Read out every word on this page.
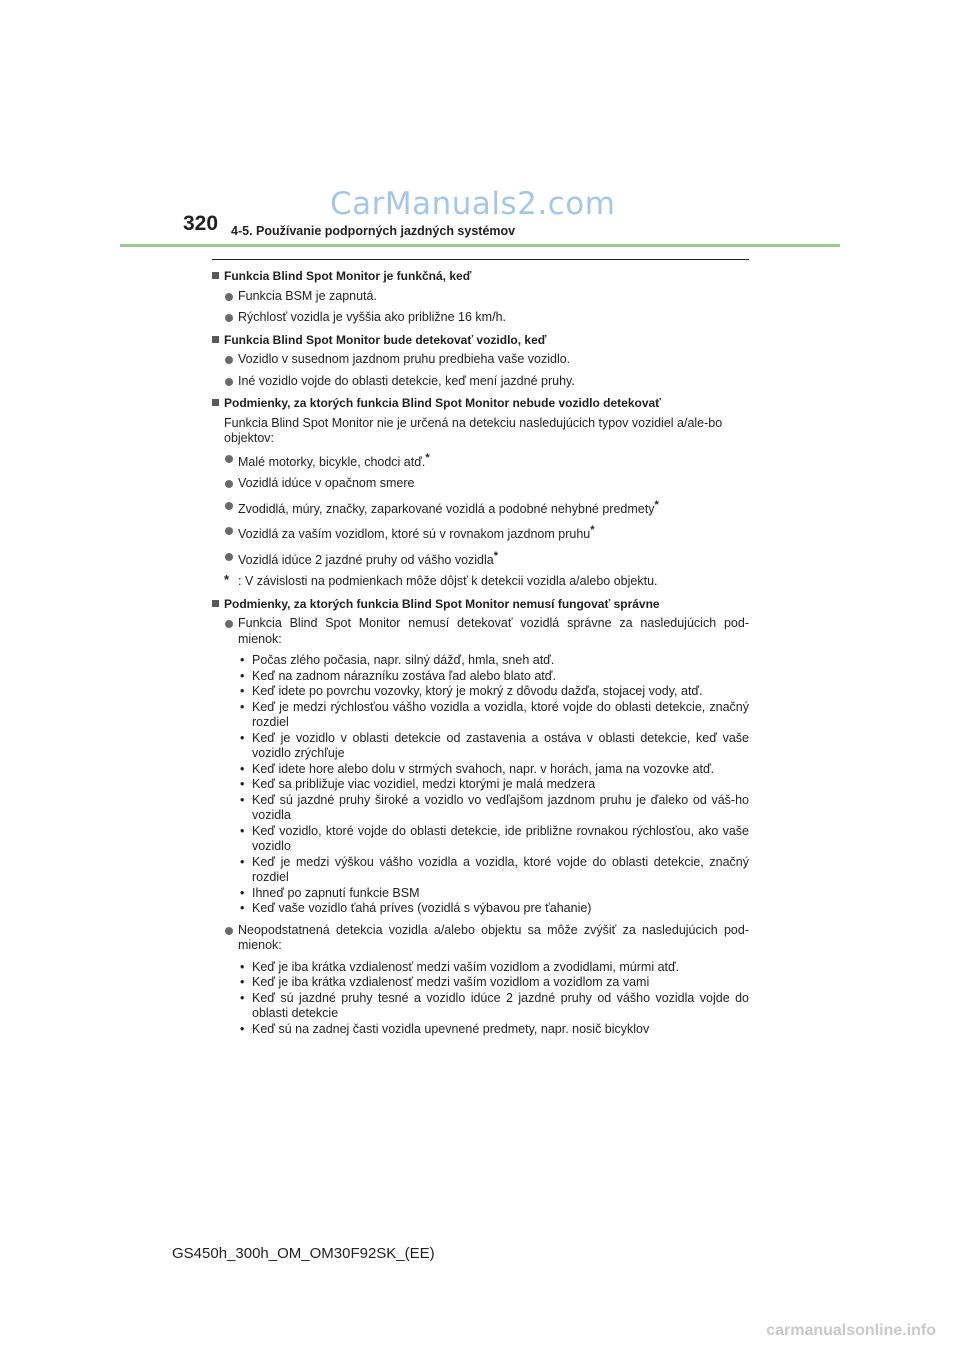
CarManuals2.com
320 4-5. Používanie podporných jazdných systémov
Funkcia Blind Spot Monitor je funkčná, keď
Funkcia BSM je zapnutá.
Rýchlosť vozidla je vyššia ako približne 16 km/h.
Funkcia Blind Spot Monitor bude detekovať vozidlo, keď
Vozidlo v susednom jazdnom pruhu predbieha vaše vozidlo.
Iné vozidlo vojde do oblasti detekcie, keď mení jazdné pruhy.
Podmienky, za ktorých funkcia Blind Spot Monitor nebude vozidlo detekovať
Funkcia Blind Spot Monitor nie je určená na detekciu nasledujúcich typov vozidiel a/ale-bo objektov:
Malé motorky, bicykle, chodci atď.*
Vozidlá idúce v opačnom smere
Zvodidlá, múry, značky, zaparkované vozidlá a podobné nehybné predmety*
Vozidlá za vaším vozidlom, ktoré sú v rovnakom jazdnom pruhu*
Vozidlá idúce 2 jazdné pruhy od vášho vozidla*
* : V závislosti na podmienkach môže dôjsť k detekcii vozidla a/alebo objektu.
Podmienky, za ktorých funkcia Blind Spot Monitor nemusí fungovať správne
Funkcia Blind Spot Monitor nemusí detekovať vozidlá správne za nasledujúcich pod-mienok:
• Počas zlého počasia, napr. silný dážď, hmla, sneh atď.
• Keď na zadnom nárazníku zostáva ľad alebo blato atď.
• Keď idete po povrchu vozovky, ktorý je mokrý z dôvodu dažďa, stojacej vody, atď.
• Keď je medzi rýchlosťou vášho vozidla a vozidla, ktoré vojde do oblasti detekcie, značný rozdiel
• Keď je vozidlo v oblasti detekcie od zastavenia a ostáva v oblasti detekcie, keď vaše vozidlo zrýchľuje
• Keď idete hore alebo dolu v strmých svahoch, napr. v horách, jama na vozovke atď.
• Keď sa približuje viac vozidiel, medzi ktorými je malá medzera
• Keď sú jazdné pruhy široké a vozidlo vo vedľajšom jazdnom pruhu je ďaleko od váš-ho vozidla
• Keď vozidlo, ktoré vojde do oblasti detekcie, ide približne rovnakou rýchlosťou, ako vaše vozidlo
• Keď je medzi výškou vášho vozidla a vozidla, ktoré vojde do oblasti detekcie, značný rozdiel
• Ihneď po zapnutí funkcie BSM
• Keď vaše vozidlo ťahá príves (vozidlá s výbavou pre ťahanie)
Neopodstatnená detekcia vozidla a/alebo objektu sa môže zvýšiť za nasledujúcich pod-mienok:
• Keď je iba krátka vzdialenosť medzi vaším vozidlom a zvodidlami, múrmi atď.
• Keď je iba krátka vzdialenosť medzi vaším vozidlom a vozidlom za vami
• Keď sú jazdné pruhy tesné a vozidlo idúce 2 jazdné pruhy od vášho vozidla vojde do oblasti detekcie
• Keď sú na zadnej časti vozidla upevnené predmety, napr. nosič bicyklov
GS450h_300h_OM_OM30F92SK_(EE)
carmanualsonline.info
